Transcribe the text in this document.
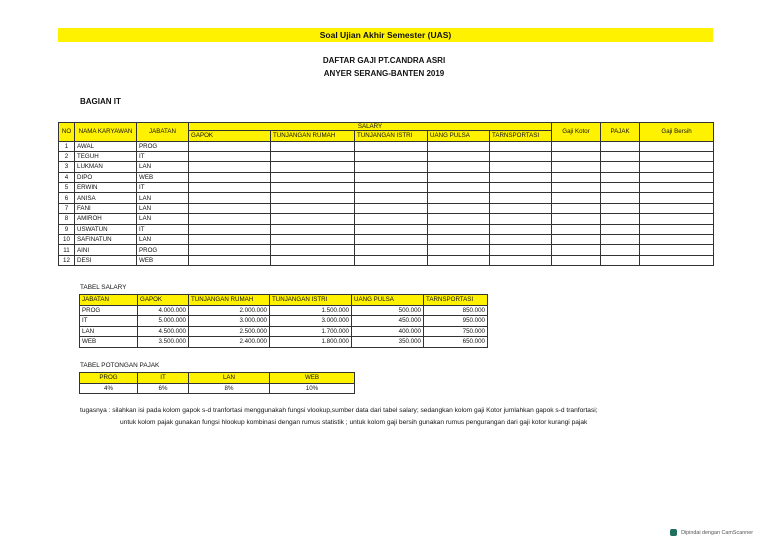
Soal Ujian Akhir Semester (UAS)
DAFTAR GAJI PT.CANDRA ASRI
ANYER SERANG-BANTEN 2019
BAGIAN IT
NO	NAMA KARYAWAN	JABATAN	SALARY					Gaji Kotor	PAJAK	Gaji Bersih
			GAPOK	TUNJANGAN RUMAH	TUNJANGAN ISTRI	UANG PULSA	TARNSPORTASI			
1	AWAL	PROG								
2	TEGUH	IT								
3	LUKMAN	LAN								
4	DIPO	WEB								
5	ERWIN	IT								
6	ANISA	LAN								
7	FANI	LAN								
8	AMIROH	LAN								
9	USWATUN	IT								
10	SAFINATUN	LAN								
11	AINI	PROG								
12	DESI	WEB								
TABEL SALARY
JABATAN	GAPOK	TUNJANGAN RUMAH	TUNJANGAN ISTRI	UANG PULSA	TARNSPORTASI
PROG	4.000.000	2.000.000	1.500.000	500.000	850.000
IT	5.000.000	3.000.000	3.000.000	450.000	950.000
LAN	4.500.000	2.500.000	1.700.000	400.000	750.000
WEB	3.500.000	2.400.000	1.800.000	350.000	650.000
TABEL POTONGAN PAJAK
PROG	IT	LAN	WEB
4%	6%	8%	10%
tugasnya : silahkan isi pada kolom gapok s-d tranfortasi menggunakah fungsi vlookup,sumber data dari tabel salary; sedangkan kolom gaji Kotor jumlahkan gapok s-d tranfortasi;
untuk kolom pajak gunakan fungsi hlookup kombinasi dengan rumus statistik ; untuk kolom gaji bersih gunakan rumus pengurangan dari gaji kotor kurangi pajak
Dipindai dengan CamScanner
